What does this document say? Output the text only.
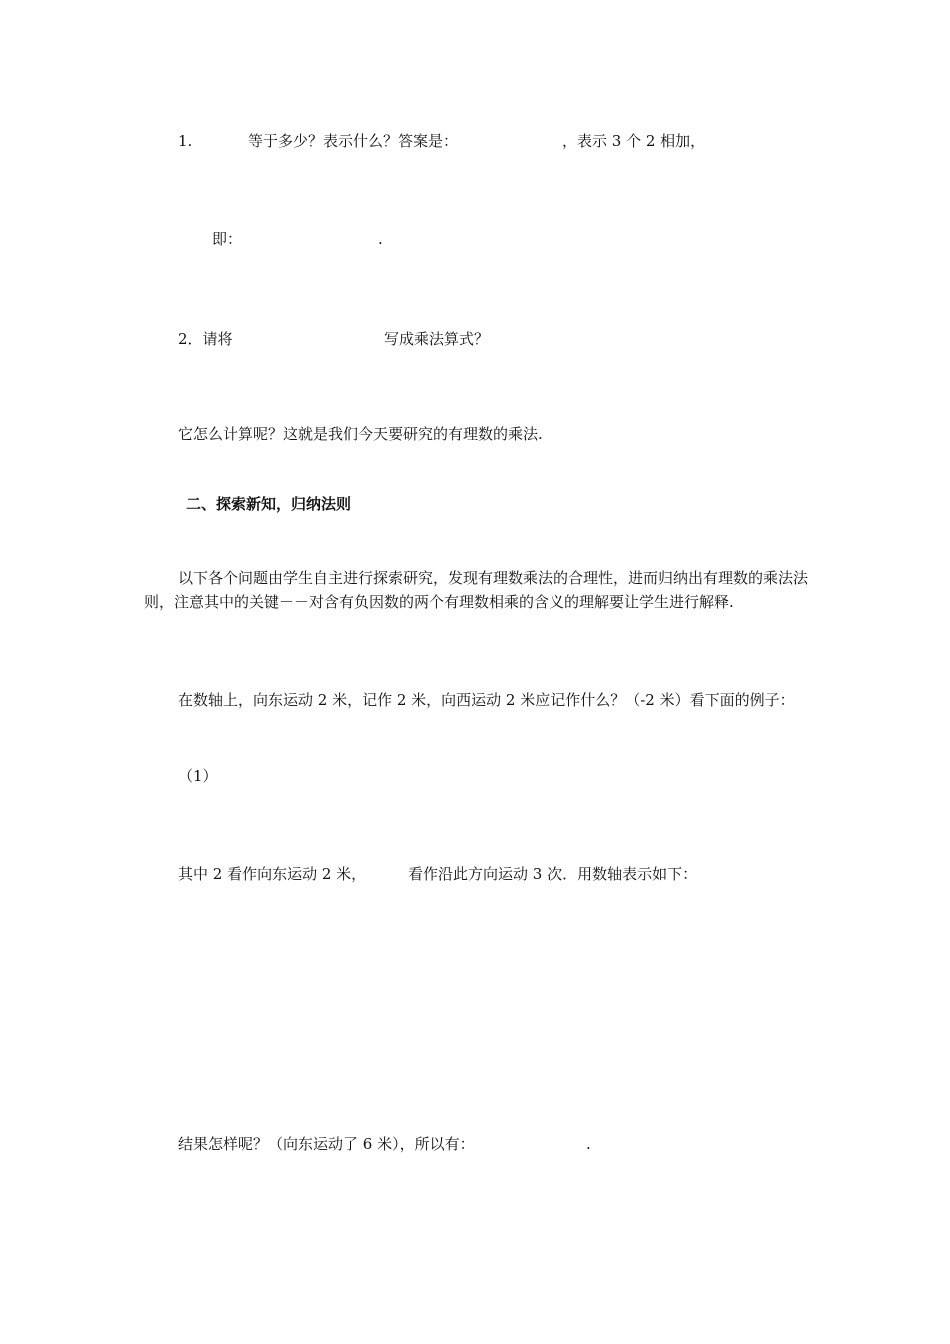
1.	等于多少？表示什么？答案是：	，表示 3 个 2 相加，
即：	.
2．请将	写成乘法算式？
它怎么计算呢？这就是我们今天要研究的有理数的乘法.
二、探索新知，归纳法则
以下各个问题由学生自主进行探索研究，发现有理数乘法的合理性，进而归纳出有理数的乘法法则，注意其中的关键－－对含有负因数的两个有理数相乘的含义的理解要让学生进行解释.
在数轴上，向东运动 2 米，记作 2 米，向西运动 2 米应记作什么？（-2 米）看下面的例子：
（1）
其中 2 看作向东运动 2 米，	看作沿此方向运动 3 次．用数轴表示如下：
结果怎样呢？（向东运动了 6 米），所以有：	.
